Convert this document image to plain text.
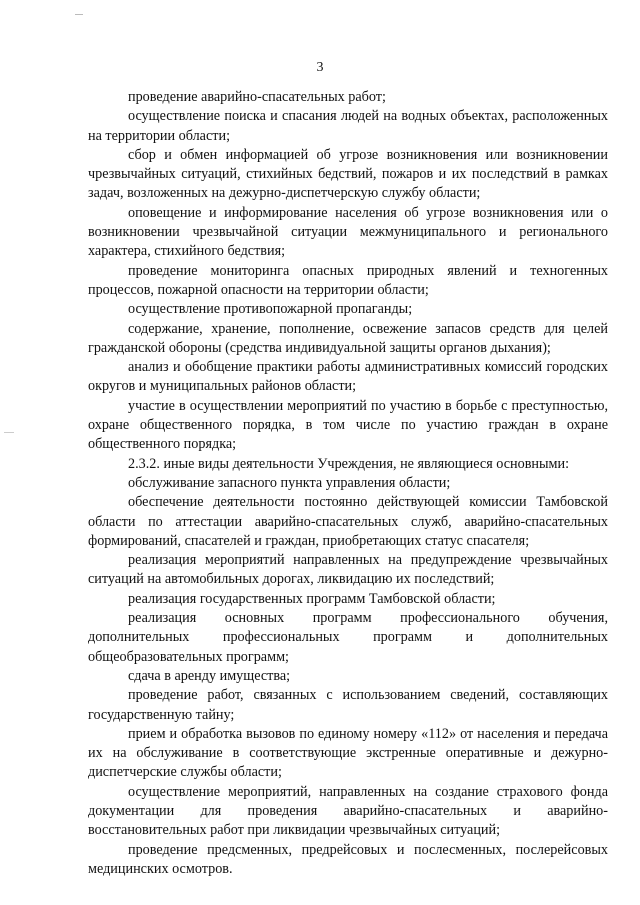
3

проведение аварийно-спасательных работ;

осуществление поиска и спасания людей на водных объектах, расположенных на территории области;

сбор и обмен информацией об угрозе возникновения или возникновении чрезвычайных ситуаций, стихийных бедствий, пожаров и их последствий в рамках задач, возложенных на дежурно-диспетчерскую службу области;

оповещение и информирование населения об угрозе возникновения или о возникновении чрезвычайной ситуации межмуниципального и регионального характера, стихийного бедствия;

проведение мониторинга опасных природных явлений и техногенных процессов, пожарной опасности на территории области;

осуществление противопожарной пропаганды;

содержание, хранение, пополнение, освежение запасов средств для целей гражданской обороны (средства индивидуальной защиты органов дыхания);

анализ и обобщение практики работы административных комиссий городских округов и муниципальных районов области;

участие в осуществлении мероприятий по участию в борьбе с преступностью, охране общественного порядка, в том числе по участию граждан в охране общественного порядка;

2.3.2. иные виды деятельности Учреждения, не являющиеся основными:

обслуживание запасного пункта управления области;

обеспечение деятельности постоянно действующей комиссии Тамбовской области по аттестации аварийно-спасательных служб, аварийно-спасательных формирований, спасателей и граждан, приобретающих статус спасателя;

реализация мероприятий направленных на предупреждение чрезвычайных ситуаций на автомобильных дорогах, ликвидацию их последствий;

реализация государственных программ Тамбовской области;

реализация основных программ профессионального обучения, дополнительных профессиональных программ и дополнительных общеобразовательных программ;

сдача в аренду имущества;

проведение работ, связанных с использованием сведений, составляющих государственную тайну;

прием и обработка вызовов по единому номеру «112» от населения и передача их на обслуживание в соответствующие экстренные оперативные и дежурно-диспетчерские службы области;

осуществление мероприятий, направленных на создание страхового фонда документации для проведения аварийно-спасательных и аварийно-восстановительных работ при ликвидации чрезвычайных ситуаций;

проведение предсменных, предрейсовых и послесменных, послерейсовых медицинских осмотров.
